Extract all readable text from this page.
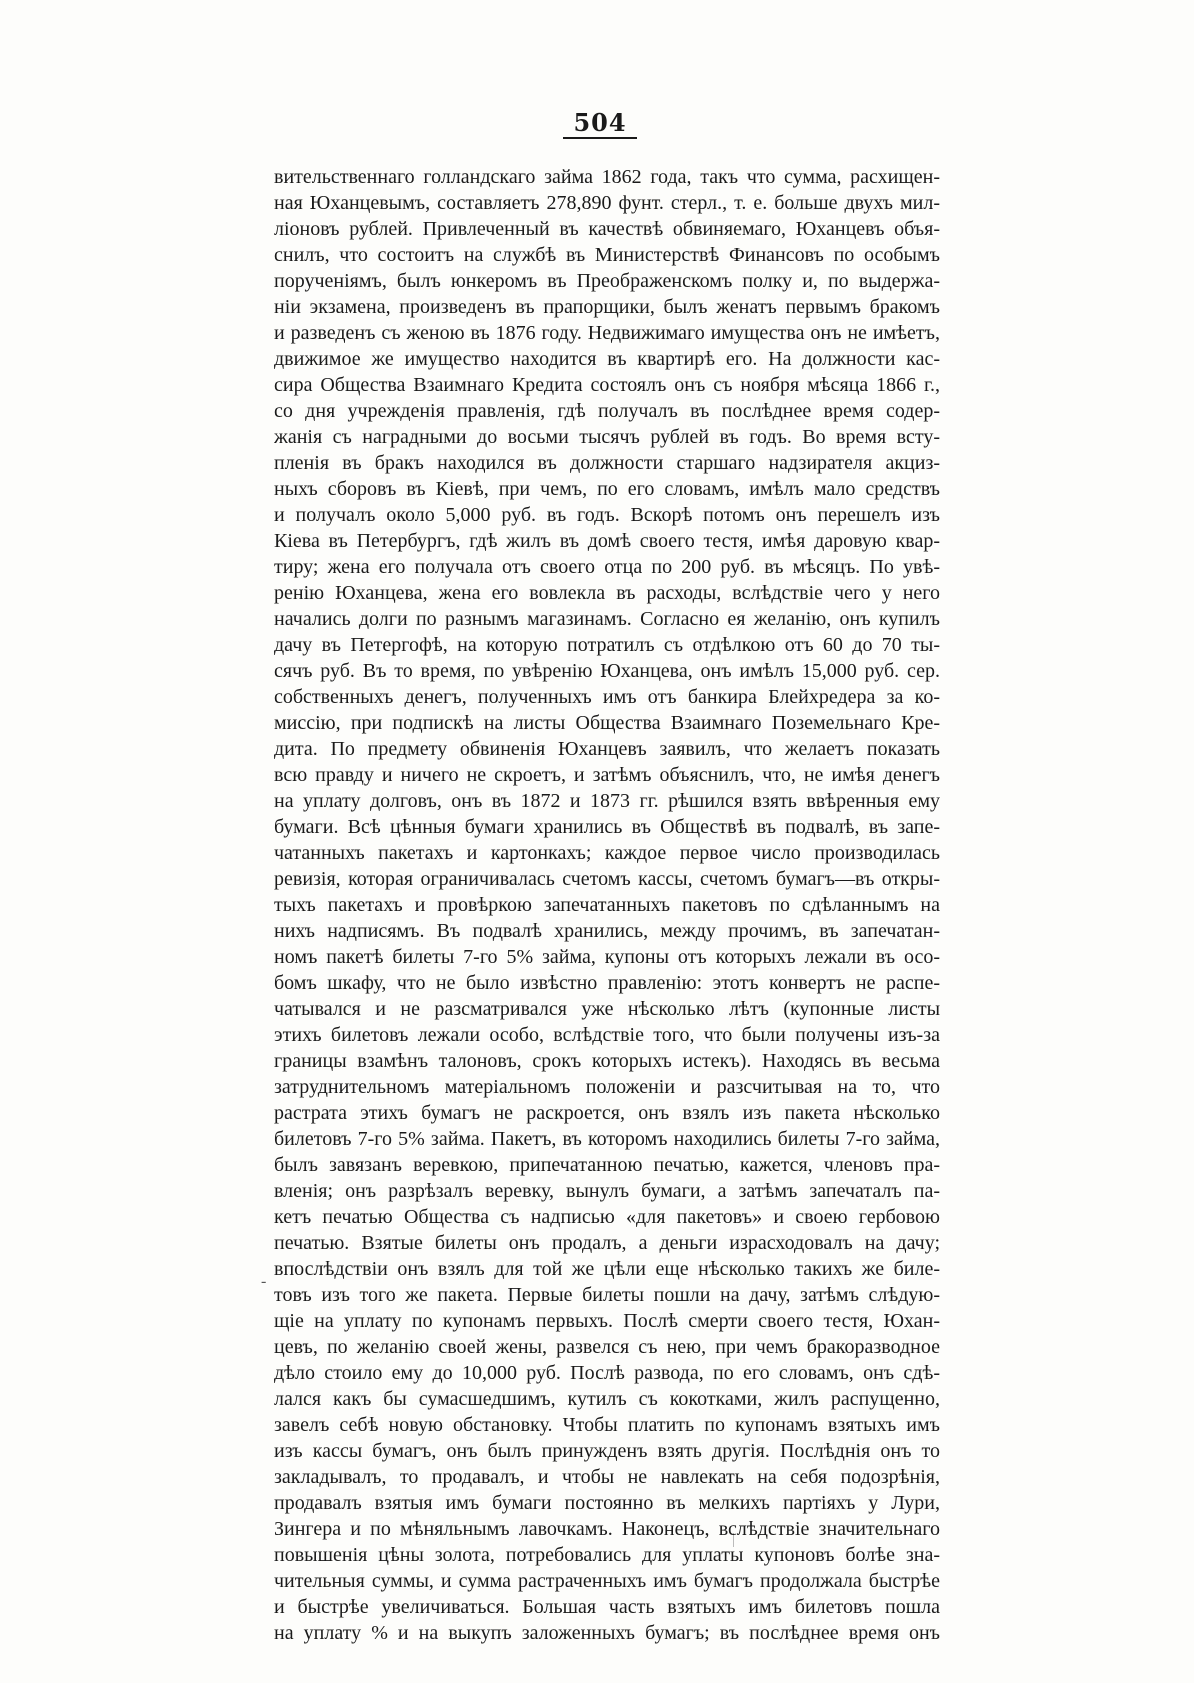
504
-
вительственнаго голландскаго займа 1862 года, такъ что сумма, расхищен-
ная Юханцевымъ, составляетъ 278,890 фунт. стерл., т. е. больше двухъ мил-
лiоновъ рублей. Привлеченный въ качествѣ обвиняемаго, Юханцевъ объя-
снилъ, что состоитъ на службѣ въ Министерствѣ Финансовъ по особымъ
порученiямъ, былъ юнкеромъ въ Преображенскомъ полку и, по выдержа-
нiи экзамена, произведенъ въ прапорщики, былъ женатъ первымъ бракомъ
и разведенъ съ женою въ 1876 году. Недвижимаго имущества онъ не имѣетъ,
движимое же имущество находится въ квартирѣ его. На должности кас-
сира Общества Взаимнаго Кредита состоялъ онъ съ ноября мѣсяца 1866 г.,
со дня учрежденiя правленiя, гдѣ получалъ въ послѣднее время содер-
жанiя съ наградными до восьми тысячъ рублей въ годъ. Во время всту-
пленiя въ бракъ находился въ должности старшаго надзирателя акциз-
ныхъ сборовъ въ Кiевѣ, при чемъ, по его словамъ, имѣлъ мало средствъ
и получалъ около 5,000 руб. въ годъ. Вскорѣ потомъ онъ перешелъ изъ
Кiева въ Петербургъ, гдѣ жилъ въ домѣ своего тестя, имѣя даровую квар-
тиру; жена его получала отъ своего отца по 200 руб. въ мѣсяцъ. По увѣ-
ренiю Юханцева, жена его вовлекла въ расходы, вслѣдствiе чего у него
начались долги по разнымъ магазинамъ. Согласно ея желанiю, онъ купилъ
дачу въ Петергофѣ, на которую потратилъ съ отдѣлкою отъ 60 до 70 ты-
сячъ руб. Въ то время, по увѣренiю Юханцева, онъ имѣлъ 15,000 руб. сер.
собственныхъ денегъ, полученныхъ имъ отъ банкира Блейхредера за ко-
миссiю, при подпискѣ на листы Общества Взаимнаго Поземельнаго Кре-
дита. По предмету обвиненiя Юханцевъ заявилъ, что желаетъ показать
всю правду и ничего не скроетъ, и затѣмъ объяснилъ, что, не имѣя денегъ
на уплату долговъ, онъ въ 1872 и 1873 гг. рѣшился взять ввѣренныя ему
бумаги. Всѣ цѣнныя бумаги хранились въ Обществѣ въ подвалѣ, въ запе-
чатанныхъ пакетахъ и картонкахъ; каждое первое число производилась
ревизiя, которая ограничивалась счетомъ кассы, счетомъ бумагъ—въ откры-
тыхъ пакетахъ и провѣркою запечатанныхъ пакетовъ по сдѣланнымъ на
нихъ надписямъ. Въ подвалѣ хранились, между прочимъ, въ запечатан-
номъ пакетѣ билеты 7-го 5% займа, купоны отъ которыхъ лежали въ осо-
бомъ шкафу, что не было извѣстно правленiю: этотъ конвертъ не распе-
чатывался и не разсматривался уже нѣсколько лѣтъ (купонные листы
этихъ билетовъ лежали особо, вслѣдствiе того, что были получены изъ-за
границы взамѣнъ талоновъ, срокъ которыхъ истекъ). Находясь въ весьма
затруднительномъ матерiальномъ положенiи и разсчитывая на то, что
растрата этихъ бумагъ не раскроется, онъ взялъ изъ пакета нѣсколько
билетовъ 7-го 5% займа. Пакетъ, въ которомъ находились билеты 7-го займа,
былъ завязанъ веревкою, припечатанною печатью, кажется, членовъ пра-
вленiя; онъ разрѣзалъ веревку, вынулъ бумаги, а затѣмъ запечаталъ па-
кетъ печатью Общества съ надписью «для пакетовъ» и своею гербовою
печатью. Взятые билеты онъ продалъ, а деньги израсходовалъ на дачу;
впослѣдствiи онъ взялъ для той же цѣли еще нѣсколько такихъ же биле-
товъ изъ того же пакета. Первые билеты пошли на дачу, затѣмъ слѣдую-
щiе на уплату по купонамъ первыхъ. Послѣ смерти своего тестя, Юхан-
цевъ, по желанiю своей жены, развелся съ нею, при чемъ бракоразводное
дѣло стоило ему до 10,000 руб. Послѣ развода, по его словамъ, онъ сдѣ-
лался какъ бы сумасшедшимъ, кутилъ съ кокотками, жилъ распущенно,
завелъ себѣ новую обстановку. Чтобы платить по купонамъ взятыхъ имъ
изъ кассы бумагъ, онъ былъ принужденъ взять другiя. Послѣднiя онъ то
закладывалъ, то продавалъ, и чтобы не навлекать на себя подозрѣнiя,
продавалъ взятыя имъ бумаги постоянно въ мелкихъ партiяхъ у Лури,
Зингера и по мѣняльнымъ лавочкамъ. Наконецъ, вслѣдствiе значительнаго
повышенiя цѣны золота, потребовались для уплаты купоновъ болѣе зна-
чительныя суммы, и сумма растраченныхъ имъ бумагъ продолжала быстрѣе
и быстрѣе увеличиваться. Большая часть взятыхъ имъ билетовъ пошла
на уплату % и на выкупъ заложенныхъ бумагъ; въ послѣднее время онъ
